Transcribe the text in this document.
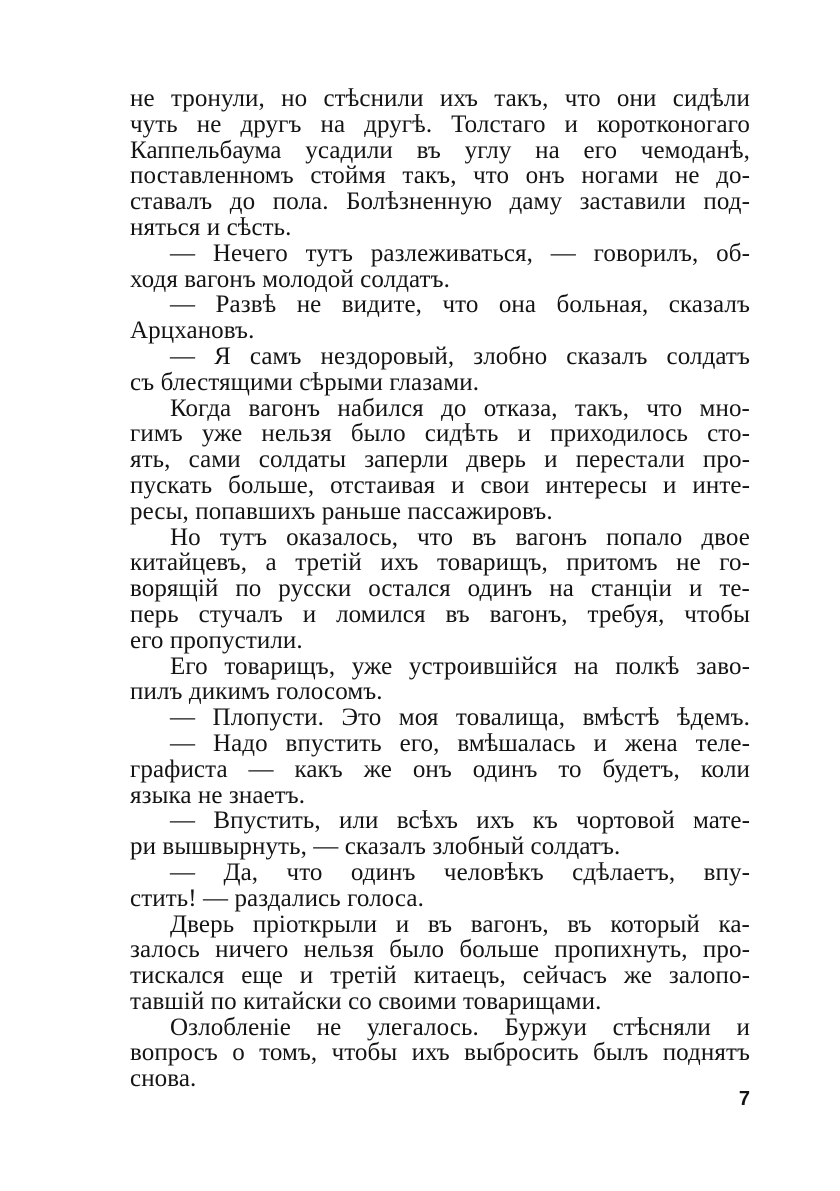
не тронули, но стѣснили ихъ такъ, что они сидѣли
чуть не другъ на другѣ. Толстаго и коротконогаго
Каппельбаума усадили въ углу на его чемоданѣ,
поставленномъ стоймя такъ, что онъ ногами не до-
ставалъ до пола. Болѣзненную даму заставили под-
няться и сѣсть.
— Нечего тутъ разлеживаться, — говорилъ, об-
ходя вагонъ молодой солдатъ.
— Развѣ не видите, что она больная, сказалъ
Арцхановъ.
— Я самъ нездоровый, злобно сказалъ солдатъ
съ блестящими сѣрыми глазами.
Когда вагонъ набился до отказа, такъ, что мно-
гимъ уже нельзя было сидѣть и приходилось сто-
ять, сами солдаты заперли дверь и перестали про-
пускать больше, отстаивая и свои интересы и инте-
ресы, попавшихъ раньше пассажировъ.
Но тутъ оказалось, что въ вагонъ попало двое
китайцевъ, а третій ихъ товарищъ, притомъ не го-
ворящій по русски остался одинъ на станціи и те-
перь стучалъ и ломился въ вагонъ, требуя, чтобы
его пропустили.
Его товарищъ, уже устроившійся на полкѣ заво-
пилъ дикимъ голосомъ.
— Плопусти. Это моя товалища, вмѣстѣ ѣдемъ.
— Надо впустить его, вмѣшалась и жена теле-
графиста — какъ же онъ одинъ то будетъ, коли
языка не знаетъ.
— Впустить, или всѣхъ ихъ къ чортовой мате-
ри вышвырнуть, — сказалъ злобный солдатъ.
— Да, что одинъ человѣкъ сдѣлаетъ, впу-
стить! — раздались голоса.
Дверь пріоткрыли и въ вагонъ, въ который ка-
залось ничего нельзя было больше пропихнуть, про-
тискался еще и третій китаецъ, сейчасъ же залопо-
тавшій по китайски со своими товарищами.
Озлобленіе не улегалось. Буржуи стѣсняли и
вопросъ о томъ, чтобы ихъ выбросить былъ поднятъ
снова.
7
